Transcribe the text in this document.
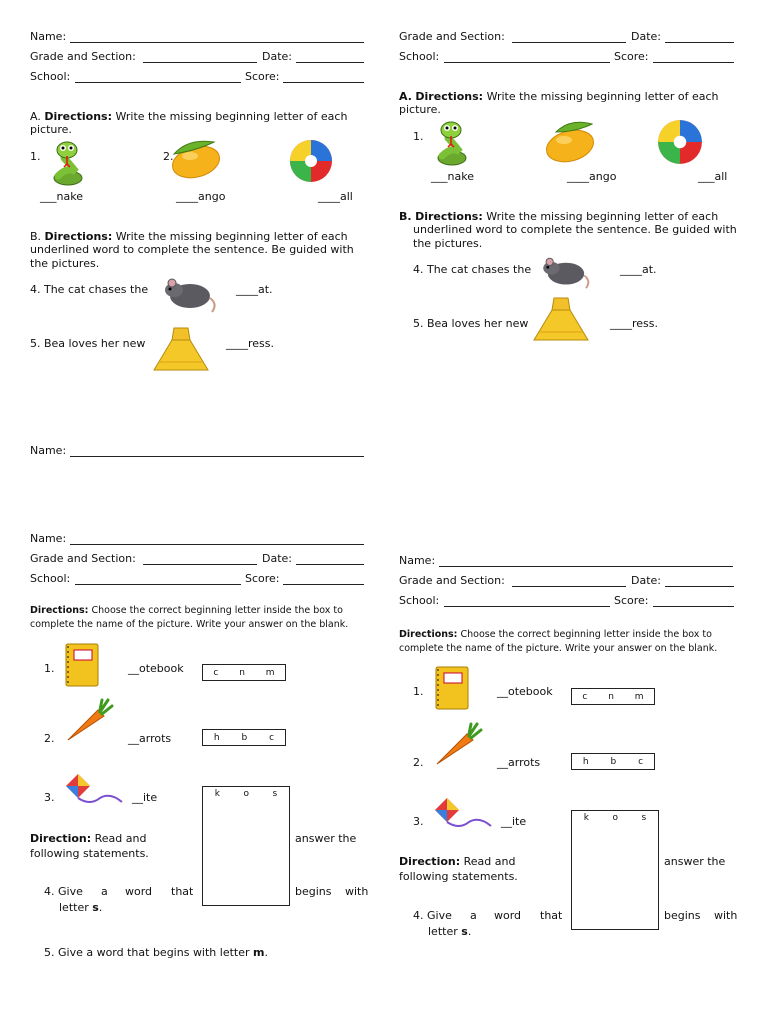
Name:
Grade and Section:	Date:
School:	Score:
A. Directions: Write the missing beginning letter of each
picture.
1.	2.
___nake	____ango	____all
B. Directions: Write the missing beginning letter of each
underlined word to complete the sentence. Be guided with
the pictures.
4. The cat chases the	____at.
5. Bea loves her new	____ress.
Name:
Grade and Section:	Date:
School:	Score:
A. Directions: Write the missing beginning letter of each
picture.
1.
___nake	____ango	___all
B. Directions: Write the missing beginning letter of each
underlined word to complete the sentence. Be guided with
the pictures.
4. The cat chases the	____at.
5. Bea loves her new	____ress.
Name:
Grade and Section:	Date:
School:	Score:
Directions: Choose the correct beginning letter inside the box to
complete the name of the picture. Write your answer on the blank.
1.	__otebook	c n m
2.	__arrots	h b c
3.	__ite	k	o	s
Direction: Read and	answer the
following statements.
4. Give a word that	begins with
letter s.
5. Give a word that begins with letter m.
Name:
Grade and Section:	Date:
School:	Score:
Directions: Choose the correct beginning letter inside the box to
complete the name of the picture. Write your answer on the blank.
1.	__otebook	c n m
2.	__arrots	h b c
3.	__ite	k	o	s
Direction: Read and	answer the
following statements.
4. Give a word that	begins with
letter s.
